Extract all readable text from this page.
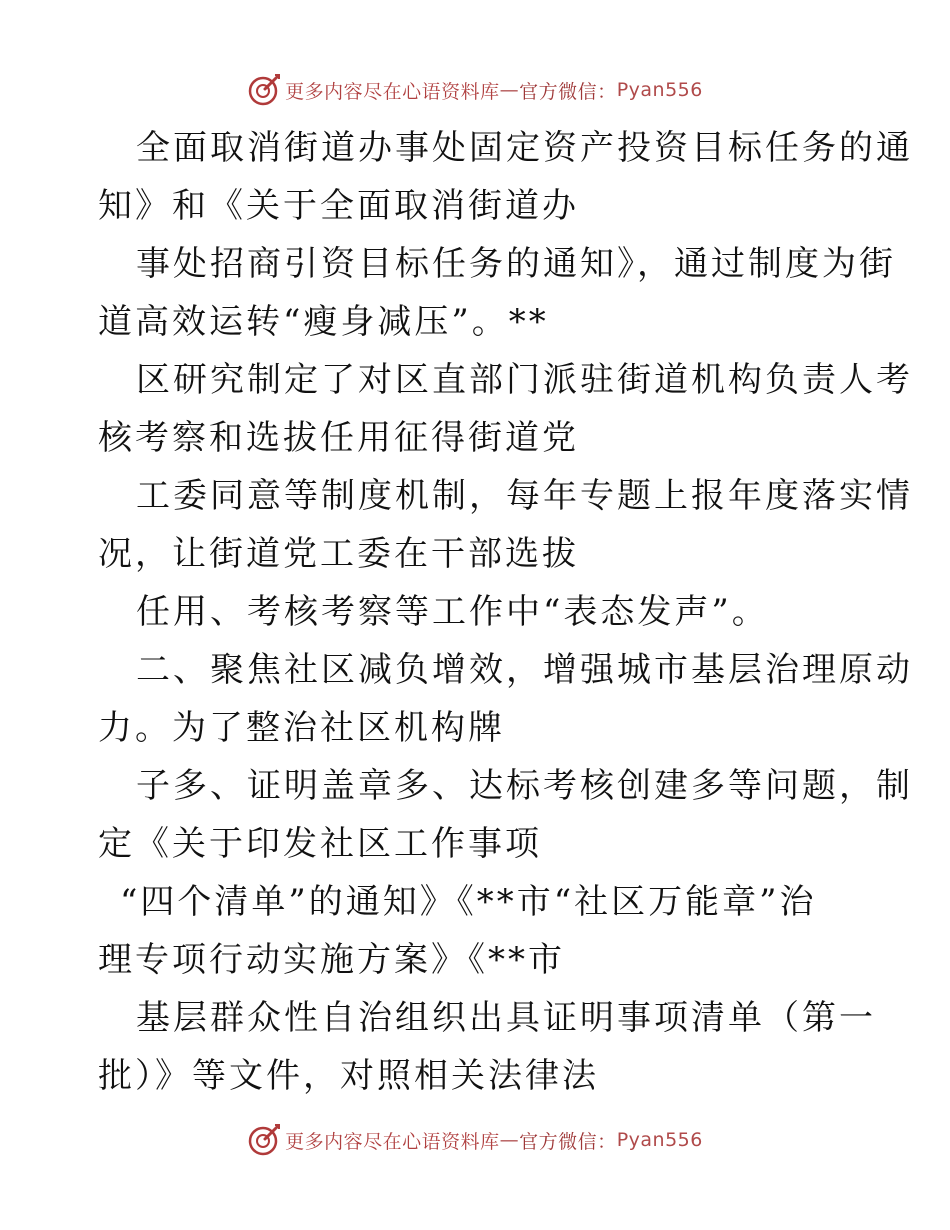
更多内容尽在心语资料库 — 官方微信： Pyan556
全面取消街道办事处固定资产投资目标任务的通
知》和《关于全面取消街道办
事处招商引资目标任务的通知》，通过制度为街
道高效运转“瘦身减压”。**
区研究制定了对区直部门派驻街道机构负责人考
核考察和选拔任用征得街道党
工委同意等制度机制，每年专题上报年度落实情
况，让街道党工委在干部选拔
任用、考核考察等工作中“表态发声”。
二、聚焦社区减负增效，增强城市基层治理原动
力。为了整治社区机构牌
子多、证明盖章多、达标考核创建多等问题，制
定《关于印发社区工作事项
“四个清单”的通知》《**市“社区万能章”治
理专项行动实施方案》《**市
基层群众性自治组织出具证明事项清单（第一
批）》等文件，对照相关法律法
更多内容尽在心语资料库 — 官方微信： Pyan556
